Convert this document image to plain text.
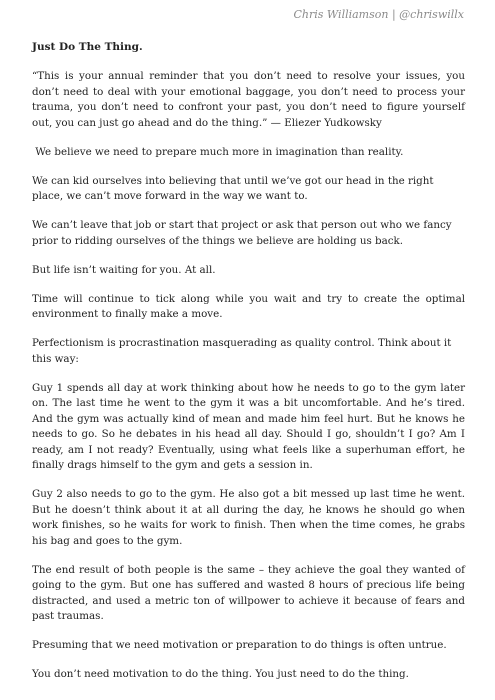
Chris Williamson | @chriswillx
Just Do The Thing.

“This is your annual reminder that you don’t need to resolve your issues, you don’t need to deal with your emotional baggage, you don’t need to process your trauma, you don’t need to confront your past, you don’t need to figure yourself out, you can just go ahead and do the thing.” — Eliezer Yudkowsky

We believe we need to prepare much more in imagination than reality.

We can kid ourselves into believing that until we’ve got our head in the right place, we can’t move forward in the way we want to.

We can’t leave that job or start that project or ask that person out who we fancy prior to ridding ourselves of the things we believe are holding us back.

But life isn’t waiting for you. At all.

Time will continue to tick along while you wait and try to create the optimal environment to finally make a move.

Perfectionism is procrastination masquerading as quality control. Think about it this way:

Guy 1 spends all day at work thinking about how he needs to go to the gym later on. The last time he went to the gym it was a bit uncomfortable. And he’s tired. And the gym was actually kind of mean and made him feel hurt. But he knows he needs to go. So he debates in his head all day. Should I go, shouldn’t I go? Am I ready, am I not ready? Eventually, using what feels like a superhuman effort, he finally drags himself to the gym and gets a session in.

Guy 2 also needs to go to the gym. He also got a bit messed up last time he went. But he doesn’t think about it at all during the day, he knows he should go when work finishes, so he waits for work to finish. Then when the time comes, he grabs his bag and goes to the gym.

The end result of both people is the same – they achieve the goal they wanted of going to the gym. But one has suffered and wasted 8 hours of precious life being distracted, and used a metric ton of willpower to achieve it because of fears and past traumas.

Presuming that we need motivation or preparation to do things is often untrue.

You don’t need motivation to do the thing. You just need to do the thing.
